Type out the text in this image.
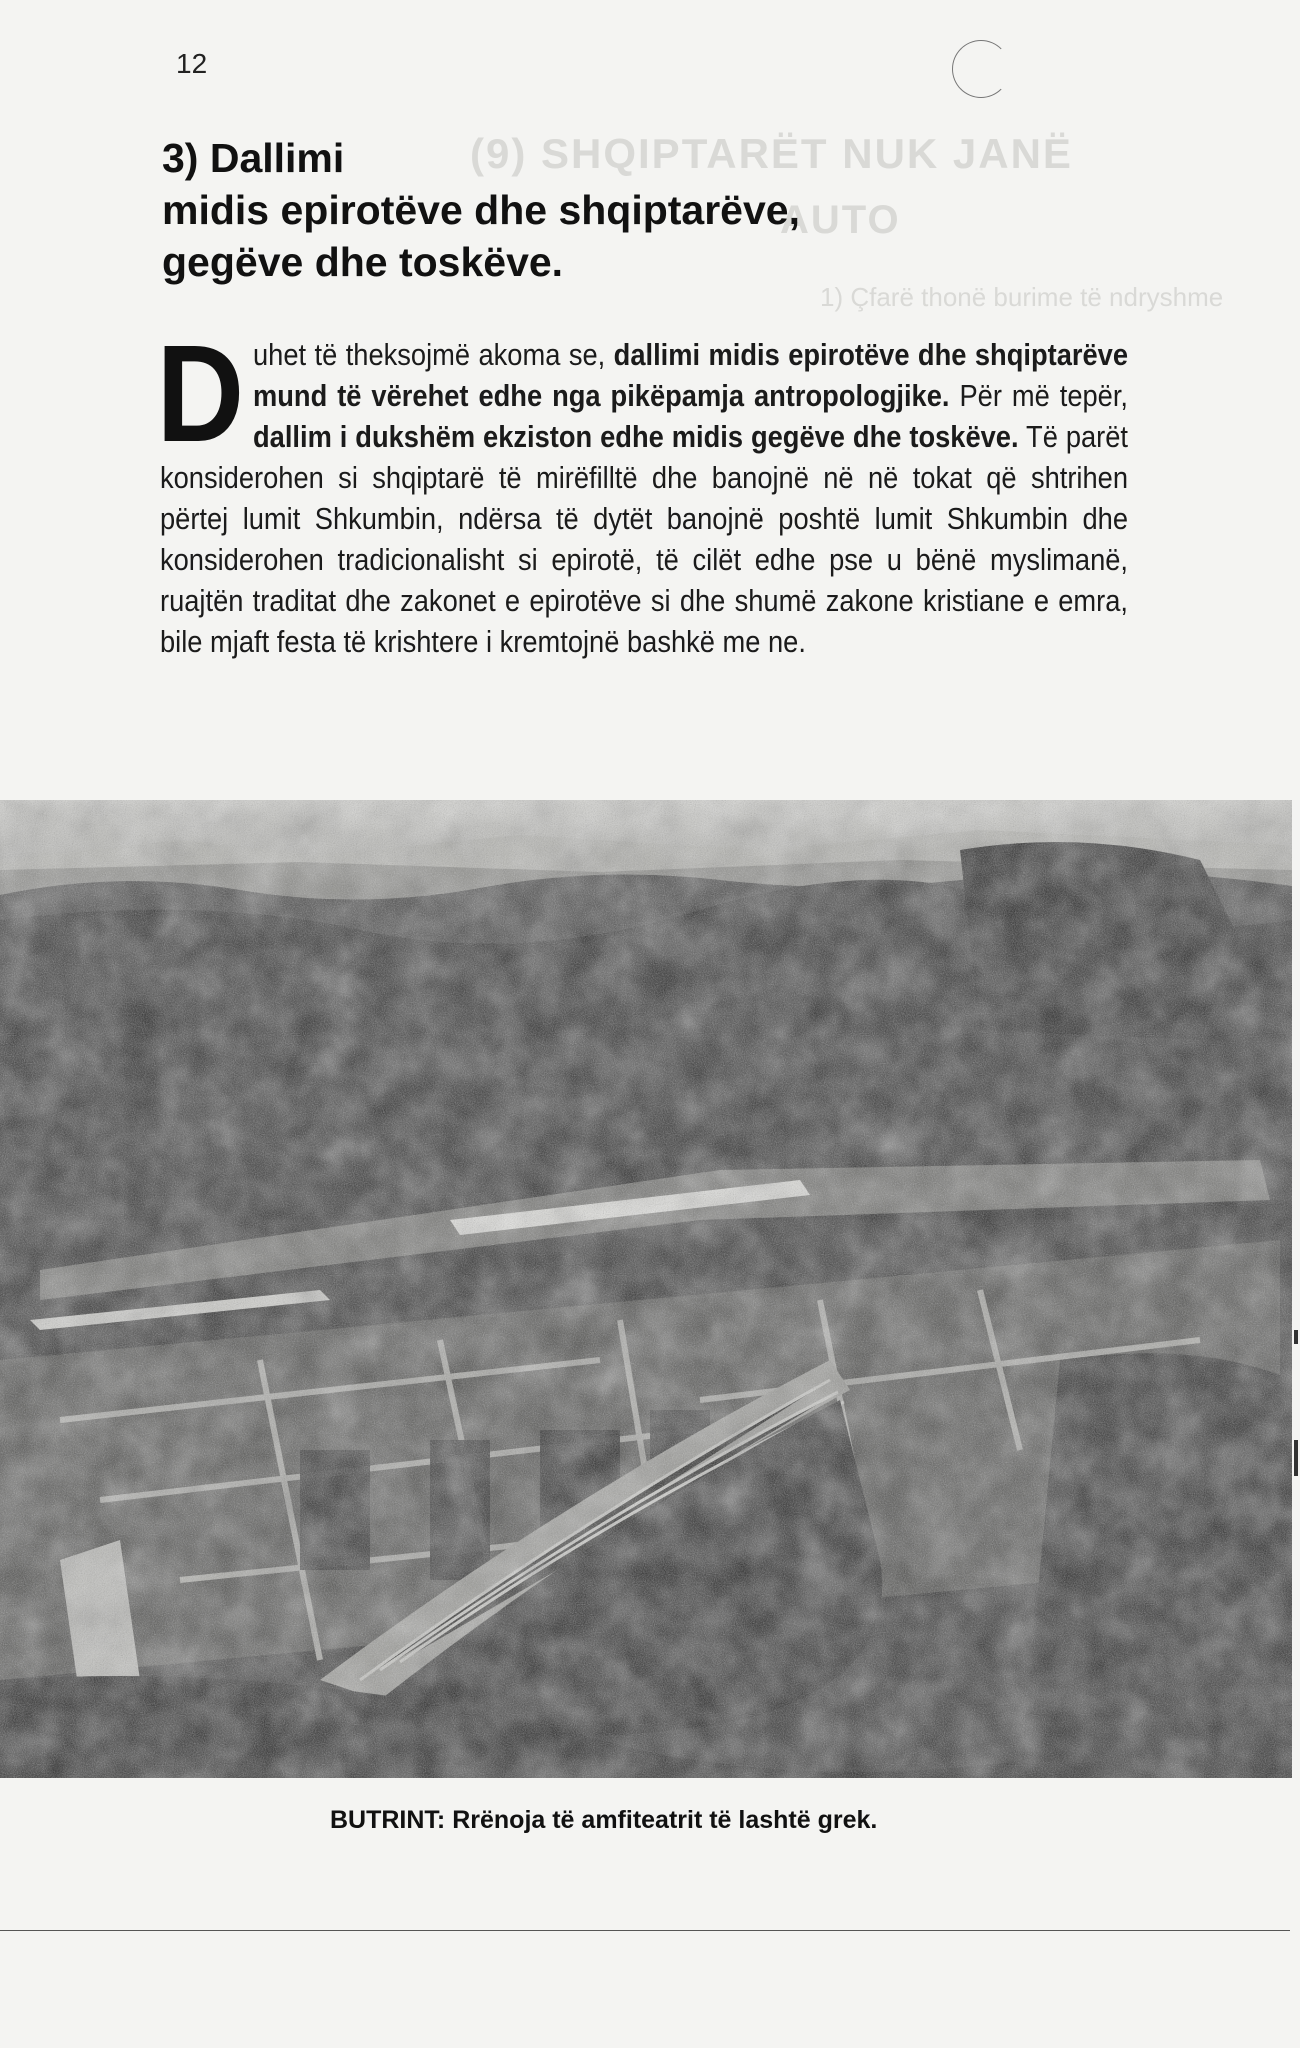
(9) SHQIPTARËT NUK JANË
AUTO
1) Çfarë thonë burime të ndryshme
12
3) Dallimi
midis epirotëve dhe shqiptarëve,
gegëve dhe toskëve.

Duhet të theksojmë akoma se, dallimi midis epirotëve dhe shqiptarëve mund të vërehet edhe nga pikëpamja antropologjike. Për më tepër, dallim i dukshëm ekziston edhe midis gegëve dhe toskëve. Të parët konsiderohen si shqiptarë të mirëfilltë dhe banojnë në në tokat që shtrihen përtej lumit Shkumbin, ndërsa të dytët banojnë poshtë lumit Shkumbin dhe konsiderohen tradicionalisht si epirotë, të cilët edhe pse u bënë myslimanë, ruajtën traditat dhe zakonet e epirotëve si dhe shumë zakone kristiane e emra, bile mjaft festa të krishtere i kremtojnë bashkë me ne.

BUTRINT: Rrënoja të amfiteatrit të lashtë grek.
